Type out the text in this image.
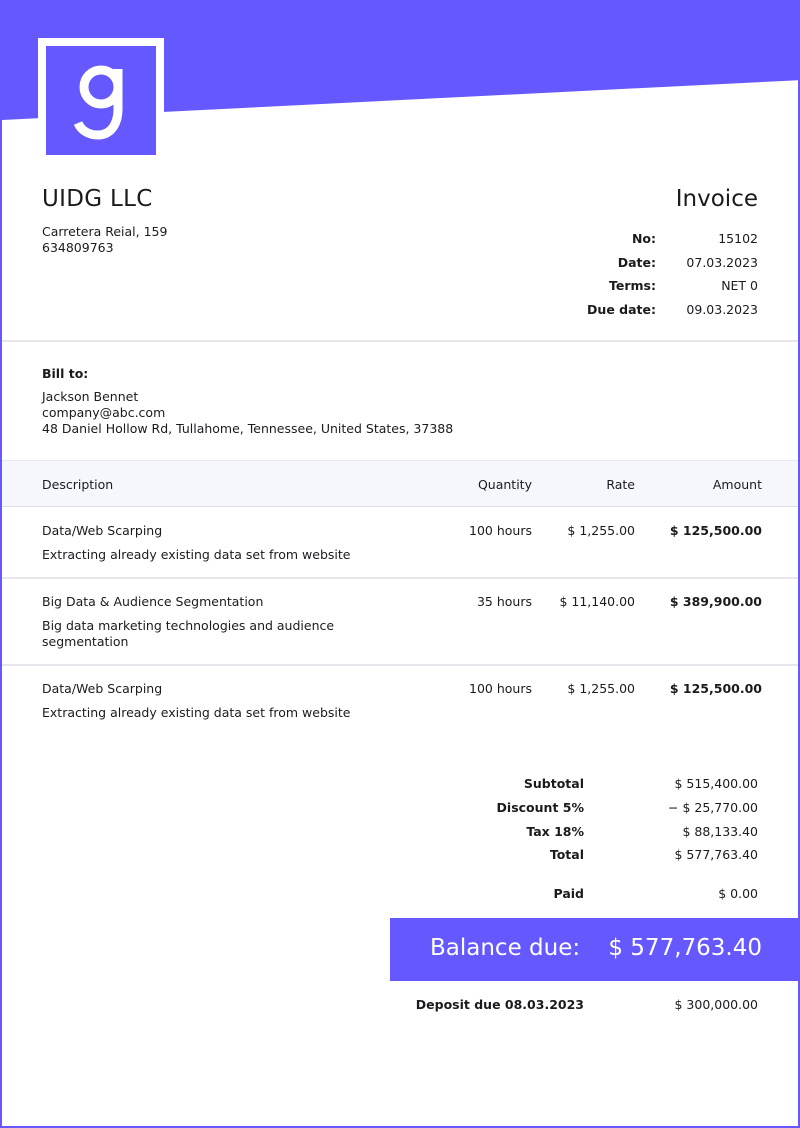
UIDG LLC
Carretera Reial, 159
634809763
Invoice
No:	15102
Date:	07.03.2023
Terms:	NET 0
Due date:	09.03.2023
Bill to:
Jackson Bennet
company@abc.com
48 Daniel Hollow Rd, Tullahome, Tennessee, United States, 37388
Description	Quantity	Rate	Amount
Data/Web Scarping
Extracting already existing data set from website
100 hours	$ 1,255.00	$ 125,500.00
Big Data & Audience Segmentation
Big data marketing technologies and audience segmentation
35 hours $ 11,140.00	$ 389,900.00
Data/Web Scarping
Extracting already existing data set from website
100 hours	$ 1,255.00	$ 125,500.00
Subtotal	$ 515,400.00
Discount 5%	− $ 25,770.00
Tax 18%	$ 88,133.40
Total	$ 577,763.40
Paid	$ 0.00
Balance due: $ 577,763.40
Deposit due 08.03.2023	$ 300,000.00
